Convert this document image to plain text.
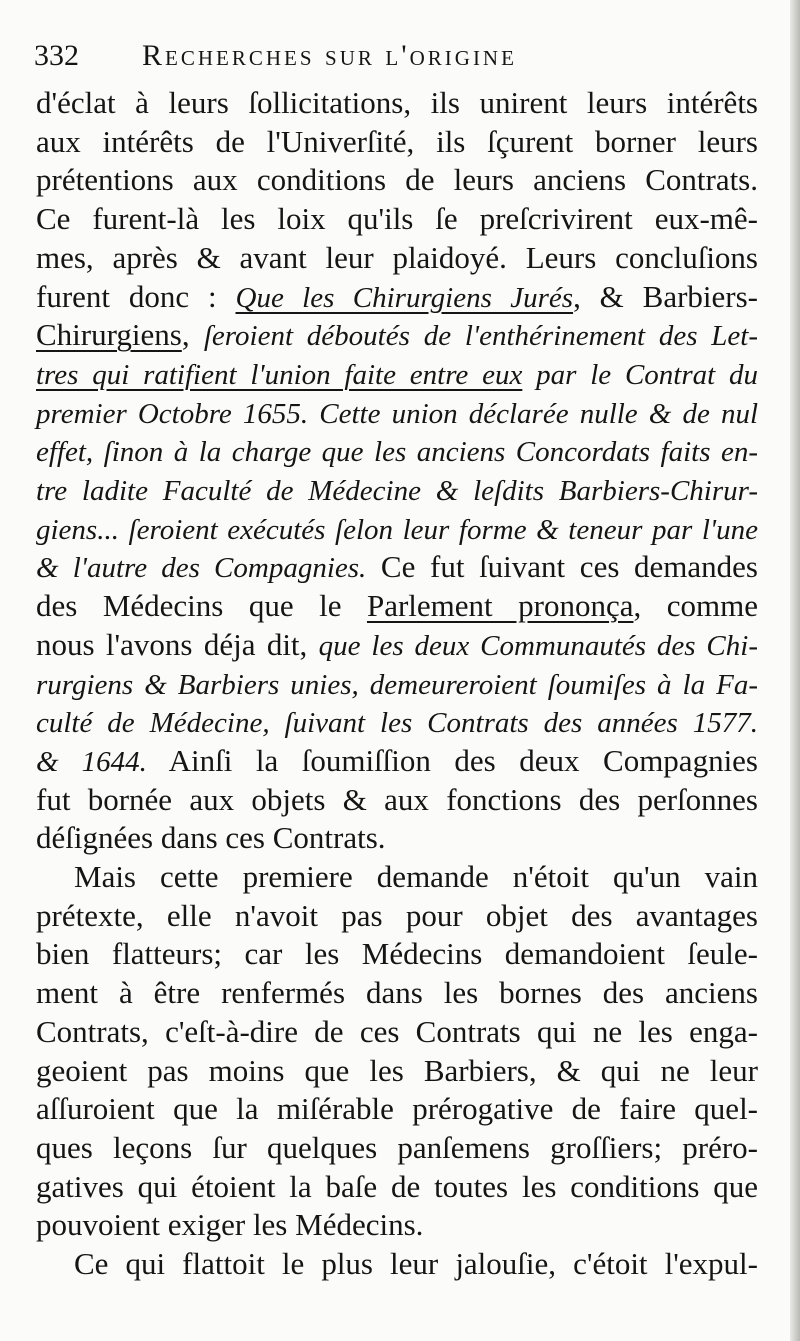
332 Recherches sur l'origine
d'éclat à leurs ſollicitations, ils unirent leurs intérêts
aux intérêts de l'Univerſité, ils ſçurent borner leurs
prétentions aux conditions de leurs anciens Contrats.
Ce furent-là les loix qu'ils ſe preſcrivirent eux-mê-
mes, après & avant leur plaidoyé. Leurs concluſions
furent donc : Que les Chirurgiens Jurés, & Barbiers-
Chirurgiens, ſeroient déboutés de l'enthérinement des Let-
tres qui ratifient l'union faite entre eux par le Contrat du
premier Octobre 1655. Cette union déclarée nulle & de nul
effet, ſinon à la charge que les anciens Concordats faits en-
tre ladite Faculté de Médecine & leſdits Barbiers-Chirur-
giens... ſeroient exécutés ſelon leur forme & teneur par l'une
& l'autre des Compagnies. Ce fut ſuivant ces demandes
des Médecins que le Parlement prononça, comme
nous l'avons déja dit, que les deux Communautés des Chi-
rurgiens & Barbiers unies, demeureroient ſoumiſes à la Fa-
culté de Médecine, ſuivant les Contrats des années 1577.
& 1644. Ainſi la ſoumiſſion des deux Compagnies
fut bornée aux objets & aux fonctions des perſonnes
déſignées dans ces Contrats.
Mais cette premiere demande n'étoit qu'un vain
prétexte, elle n'avoit pas pour objet des avantages
bien flatteurs; car les Médecins demandoient ſeule-
ment à être renfermés dans les bornes des anciens
Contrats, c'eſt-à-dire de ces Contrats qui ne les enga-
geoient pas moins que les Barbiers, & qui ne leur
aſſuroient que la miſérable prérogative de faire quel-
ques leçons ſur quelques panſemens groſſiers; préro-
gatives qui étoient la baſe de toutes les conditions que
pouvoient exiger les Médecins.
Ce qui flattoit le plus leur jalouſie, c'étoit l'expul-
